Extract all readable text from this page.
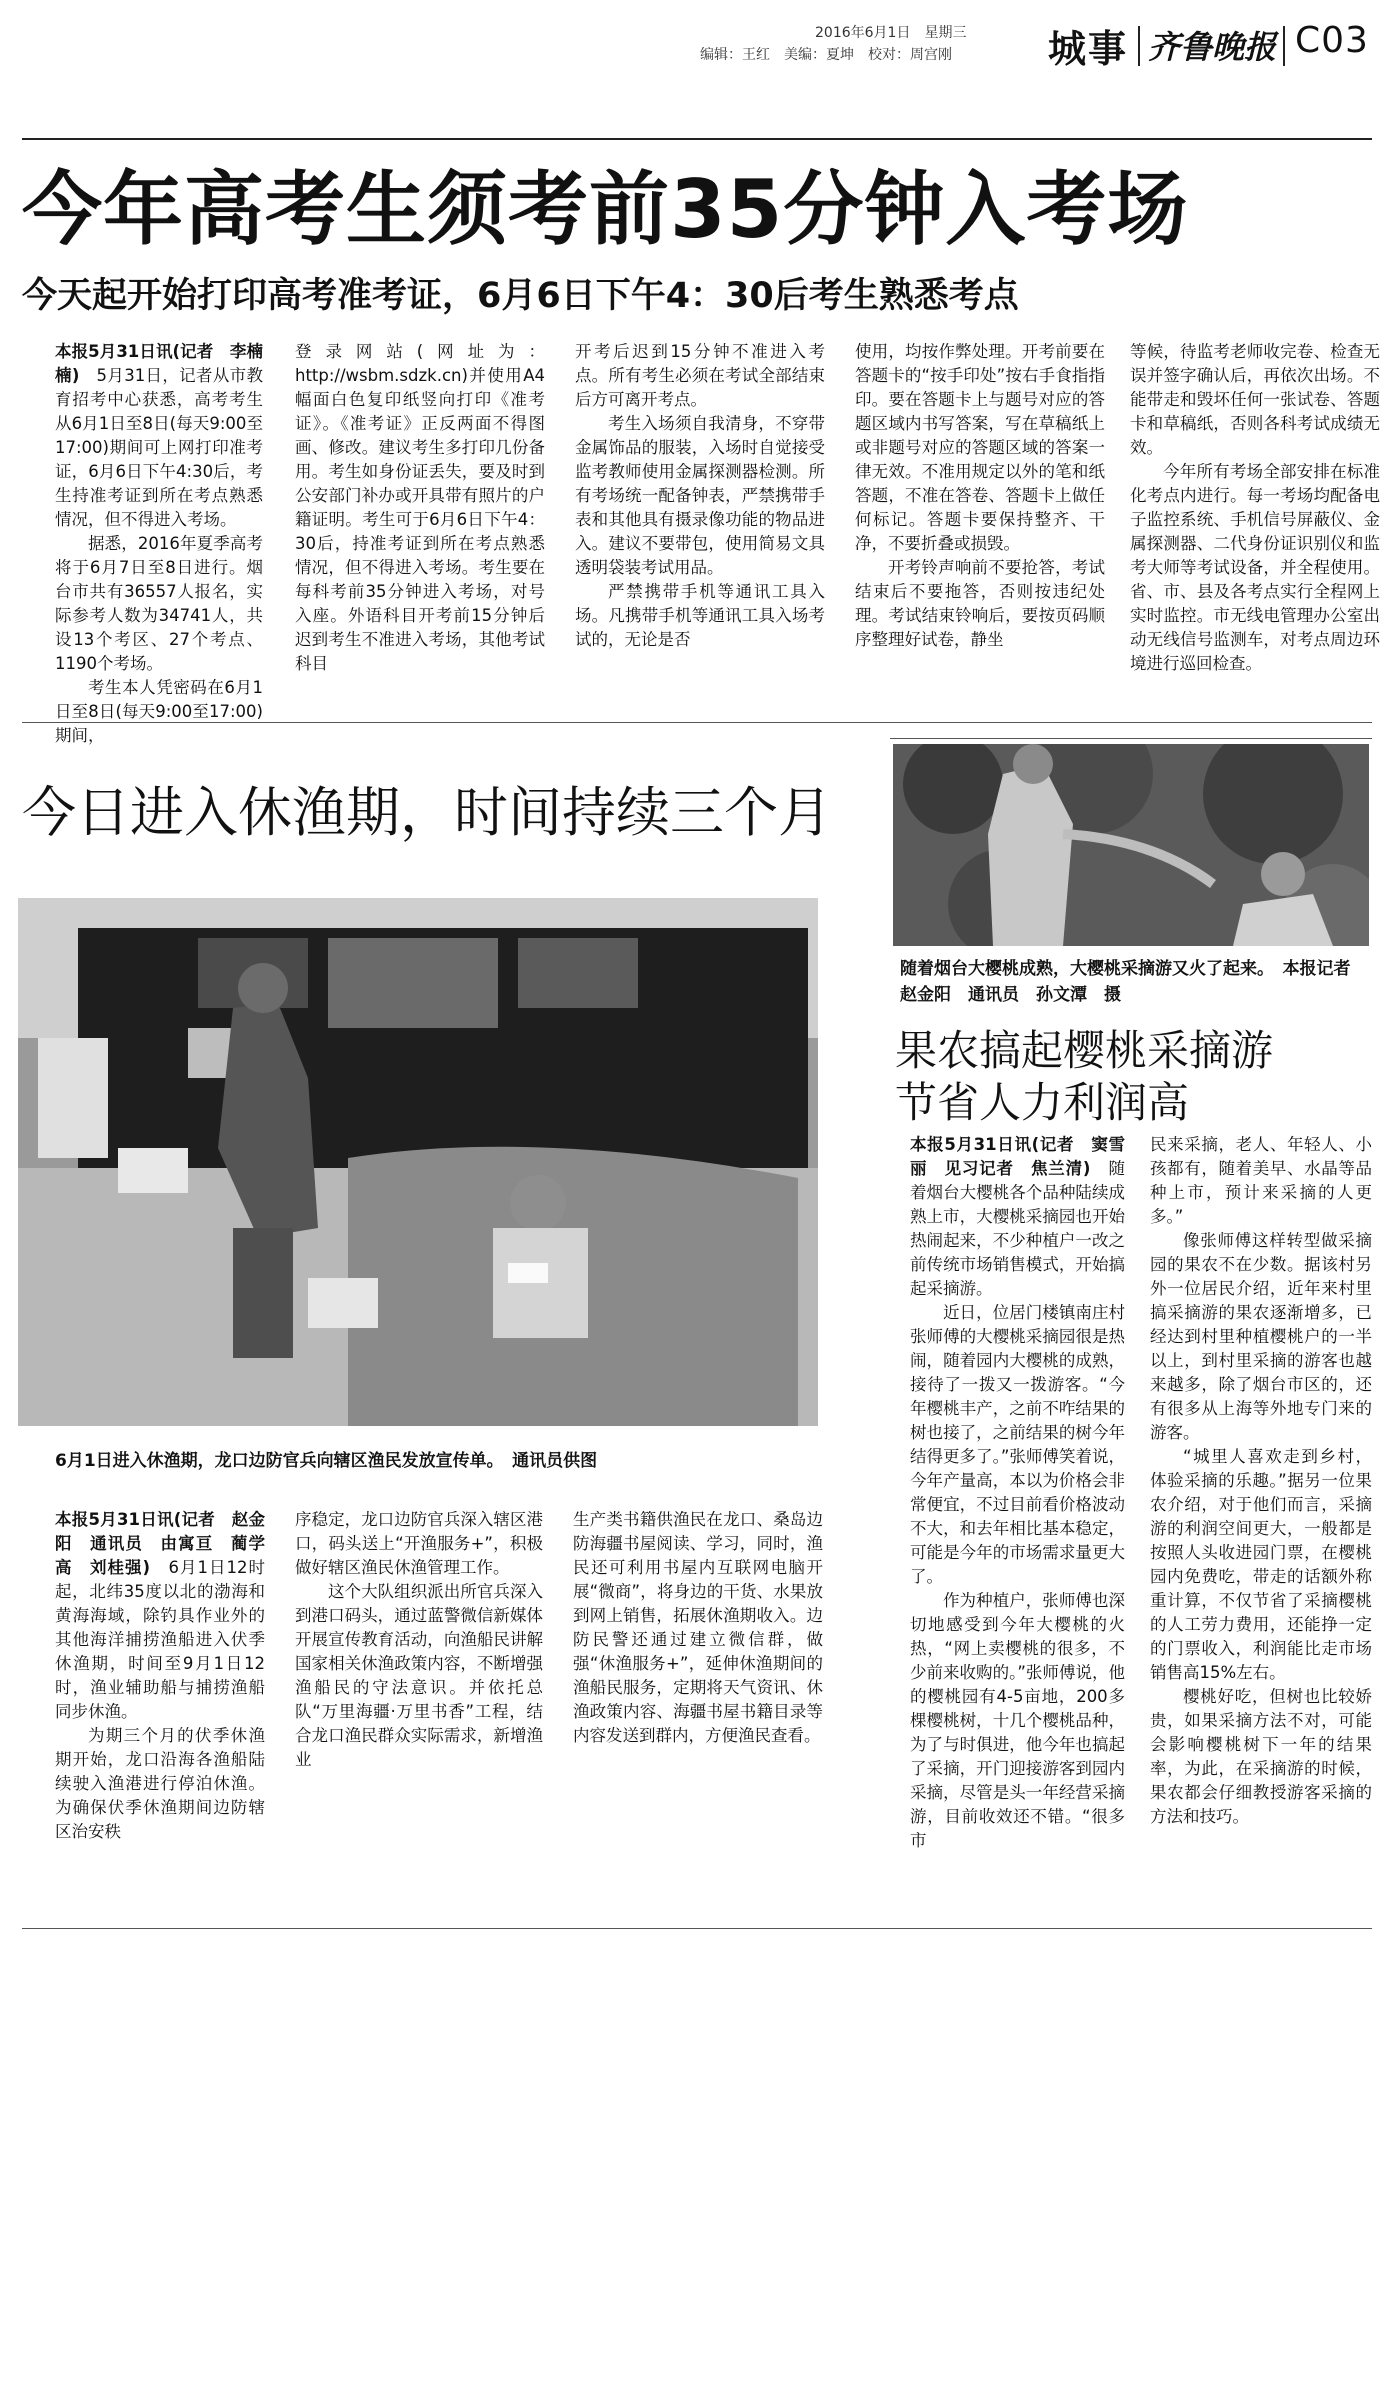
2016年6月1日　星期三
编辑：王红　美编：夏坤　校对：周宫刚	城事 齐鲁晚报 C03
今年高考生须考前35分钟入考场
今天起开始打印高考准考证，6月6日下午4：30后考生熟悉考点

本报5月31日讯(记者　李楠楠)　5月31日，记者从市教育招考中心获悉，高考考生从6月1日至8日(每天9:00至17:00)期间可上网打印准考证，6月6日下午4:30后，考生持准考证到所在考点熟悉情况，但不得进入考场。

据悉，2016年夏季高考将于6月7日至8日进行。烟台市共有36557人报名，实际参考人数为34741人，共设13个考区、27个考点、1190个考场。

考生本人凭密码在6月1日至8日(每天9:00至17:00)期间，

登录网站(网址为：http://wsbm.sdzk.cn)并使用A4幅面白色复印纸竖向打印《准考证》。《准考证》正反两面不得图画、修改。建议考生多打印几份备用。考生如身份证丢失，要及时到公安部门补办或开具带有照片的户籍证明。考生可于6月6日下午4：30后，持准考证到所在考点熟悉情况，但不得进入考场。考生要在每科考前35分钟进入考场，对号入座。外语科目开考前15分钟后迟到考生不准进入考场，其他考试科目

开考后迟到15分钟不准进入考点。所有考生必须在考试全部结束后方可离开考点。

考生入场须自我清身，不穿带金属饰品的服装，入场时自觉接受监考教师使用金属探测器检测。所有考场统一配备钟表，严禁携带手表和其他具有摄录像功能的物品进入。建议不要带包，使用简易文具透明袋装考试用品。

严禁携带手机等通讯工具入场。凡携带手机等通讯工具入场考试的，无论是否

使用，均按作弊处理。开考前要在答题卡的“按手印处”按右手食指指印。要在答题卡上与题号对应的答题区域内书写答案，写在草稿纸上或非题号对应的答题区域的答案一律无效。不准用规定以外的笔和纸答题，不准在答卷、答题卡上做任何标记。答题卡要保持整齐、干净，不要折叠或损毁。

开考铃声响前不要抢答，考试结束后不要拖答，否则按违纪处理。考试结束铃响后，要按页码顺序整理好试卷，静坐

等候，待监考老师收完卷、检查无误并签字确认后，再依次出场。不能带走和毁坏任何一张试卷、答题卡和草稿纸，否则各科考试成绩无效。

今年所有考场全部安排在标准化考点内进行。每一考场均配备电子监控系统、手机信号屏蔽仪、金属探测器、二代身份证识别仪和监考大师等考试设备，并全程使用。省、市、县及各考点实行全程网上实时监控。市无线电管理办公室出动无线信号监测车，对考点周边环境进行巡回检查。

今日进入休渔期，时间持续三个月
6月1日进入休渔期，龙口边防官兵向辖区渔民发放宣传单。　通讯员供图

本报5月31日讯(记者　赵金阳　通讯员　由寓亘　蔺学高　刘桂强)　6月1日12时起，北纬35度以北的渤海和黄海海域，除钓具作业外的其他海洋捕捞渔船进入伏季休渔期，时间至9月1日12时，渔业辅助船与捕捞渔船同步休渔。

为期三个月的伏季休渔期开始，龙口沿海各渔船陆续驶入渔港进行停泊休渔。为确保伏季休渔期间边防辖区治安秩

序稳定，龙口边防官兵深入辖区港口，码头送上“开渔服务+”，积极做好辖区渔民休渔管理工作。

这个大队组织派出所官兵深入到港口码头，通过蓝警微信新媒体开展宣传教育活动，向渔船民讲解国家相关休渔政策内容，不断增强渔船民的守法意识。并依托总队“万里海疆·万里书香”工程，结合龙口渔民群众实际需求，新增渔业

生产类书籍供渔民在龙口、桑岛边防海疆书屋阅读、学习，同时，渔民还可利用书屋内互联网电脑开展“微商”，将身边的干货、水果放到网上销售，拓展休渔期收入。边防民警还通过建立微信群，做强“休渔服务+”，延伸休渔期间的渔船民服务，定期将天气资讯、休渔政策内容、海疆书屋书籍目录等内容发送到群内，方便渔民查看。

随着烟台大樱桃成熟，大樱桃采摘游又火了起来。　本报记者　赵金阳　通讯员　孙文潭　摄
果农搞起樱桃采摘游
节省人力利润高

本报5月31日讯(记者　窦雪丽　见习记者　焦兰清)　随着烟台大樱桃各个品种陆续成熟上市，大樱桃采摘园也开始热闹起来，不少种植户一改之前传统市场销售模式，开始搞起采摘游。

近日，位居门楼镇南庄村张师傅的大樱桃采摘园很是热闹，随着园内大樱桃的成熟，接待了一拨又一拨游客。“今年樱桃丰产，之前不咋结果的树也接了，之前结果的树今年结得更多了。”张师傅笑着说，今年产量高，本以为价格会非常便宜，不过目前看价格波动不大，和去年相比基本稳定，可能是今年的市场需求量更大了。

作为种植户，张师傅也深切地感受到今年大樱桃的火热，“网上卖樱桃的很多，不少前来收购的。”张师傅说，他的樱桃园有4-5亩地，200多棵樱桃树，十几个樱桃品种，为了与时俱进，他今年也搞起了采摘，开门迎接游客到园内采摘，尽管是头一年经营采摘游，目前收效还不错。“很多市

民来采摘，老人、年轻人、小孩都有，随着美早、水晶等品种上市，预计来采摘的人更多。”

像张师傅这样转型做采摘园的果农不在少数。据该村另外一位居民介绍，近年来村里搞采摘游的果农逐渐增多，已经达到村里种植樱桃户的一半以上，到村里采摘的游客也越来越多，除了烟台市区的，还有很多从上海等外地专门来的游客。

“城里人喜欢走到乡村，体验采摘的乐趣。”据另一位果农介绍，对于他们而言，采摘游的利润空间更大，一般都是按照人头收进园门票，在樱桃园内免费吃，带走的话额外称重计算，不仅节省了采摘樱桃的人工劳力费用，还能挣一定的门票收入，利润能比走市场销售高15%左右。

樱桃好吃，但树也比较娇贵，如果采摘方法不对，可能会影响樱桃树下一年的结果率，为此，在采摘游的时候，果农都会仔细教授游客采摘的方法和技巧。
